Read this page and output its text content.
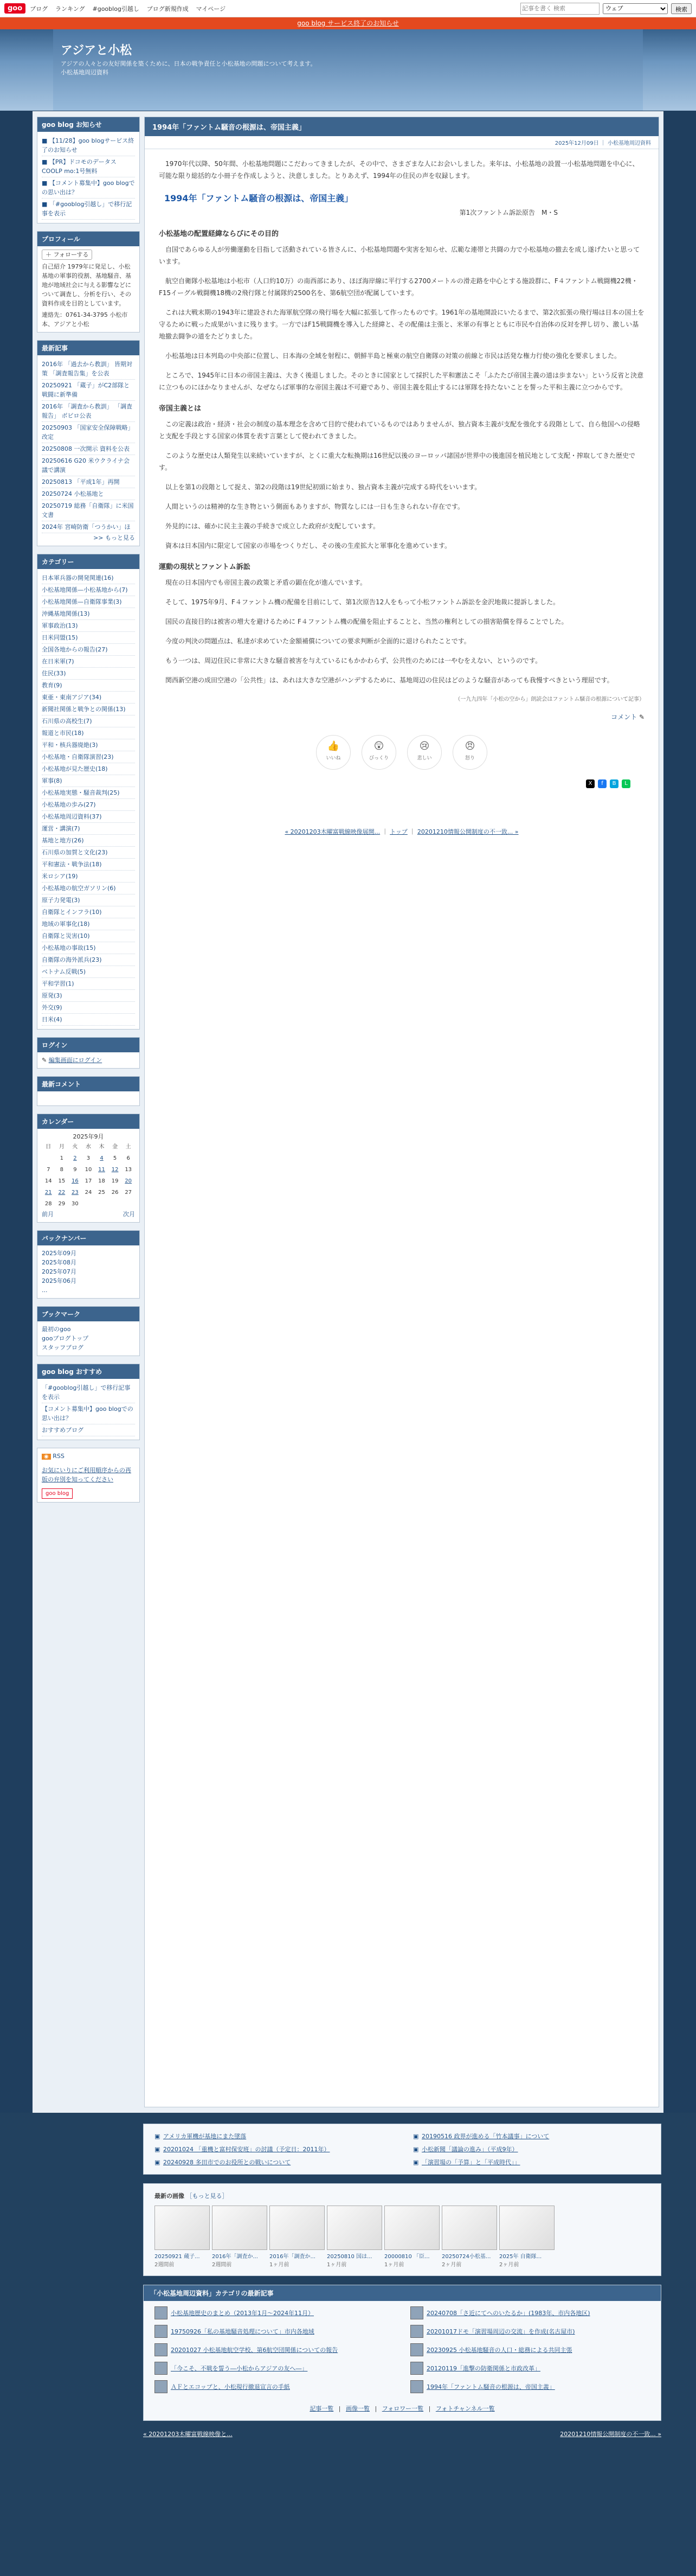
goo	ブログ ランキング #gooblog引越し ブログ新規作成 マイページ
記事を書く 検索
ウェブ	検索
goo blog サービス終了のお知らせ
アジアと小松
アジアの人々との友好関係を築くために、日本の戦争責任と小松基地の問題について考えます。
小松基地周辺資料
goo blog お知らせ
■ 【11/28】goo blogサービス終了のお知らせ
■ 【PR】ドコモのデータスCOOLP mo:1号無料
■ 【コメント募集中】goo blogでの思い出は？
■ 「#gooblog引越し」で移行記事を表示
プロフィール
＋ フォローする
自己紹介 1979年に発足し、小松基地の軍事的役割、基地騒音、基地が地域社会に与える影響などについて調査し、分析を行い、その資料作成を目的としています。
連絡先：0761-34-3795 小松市本、アジアと小松
最新記事
2016年 「過去から教訓」 皆期対策 「調査報告集」を公表
20250921 「蔵子」がC2部隊と戦闘に新準備
2016年 「調査から教訓」 「調査報告」 ボビロ公表
20250903 「国家安全保障戦略」改定
20250808 一次開示 資料を公表
20250616 G20 米ウクライナ会議で講演
20250813 「平成1年」再開
20250724 小松基地と
20250719 総務「自衛隊」に米国文書
2024年 宮崎防衛「つうかい」ほ
>> もっと見る
カテゴリー
日本軍兵器の開発関連(16)
小松基地関係—小松基地から(7)
小松基地関係—自衛隊事業(3)
沖縄基地関係(13)
軍事政治(13)
日米同盟(15)
全国各地からの報告(27)
在日米軍(7)
住民(33)
教育(9)
東亜・東南アジア(34)
新聞社関係と戦争との関係(13)
石川県の高校生(7)
報道と市民(18)
平和・核兵器廃絶(3)
小松基地・自衛隊演習(23)
小松基地が見た歴史(18)
軍事(8)
小松基地実態・騒音裁判(25)
小松基地の歩み(27)
小松基地周辺資料(37)
運営・講演(7)
基地と地方(26)
石川県の加賀と文化(23)
平和憲法・戦争法(18)
米ロシア(19)
小松基地の航空ガソリン(6)
原子力発電(3)
自衛隊とインフラ(10)
地域の軍事化(18)
自衛隊と災害(10)
小松基地の事故(15)
自衛隊の海外派兵(23)
ベトナム反戦(5)
平和学習(1)
原発(3)
外交(9)
日米(4)
ログイン
✎ 編集画面にログイン
最新コメント
カレンダー
2025年9月
日	月	火	水	木	金	土
	1	2	3	4	5	6
7	8	9	10	11	12	13
14	15	16	17	18	19	20
21	22	23	24	25	26	27
28	29	30				
前月	次月
バックナンバー
2025年09月
2025年08月
2025年07月
2025年06月
...
ブックマーク
最初のgoo
gooブログトップ
スタッフブログ
goo blog おすすめ
「#gooblog引越し」で移行記事を表示
【コメント募集中】goo blogでの思い出は？
おすすめブログ
◉ RSS
お気にいりにご利用順序からの再版の弁別を知ってください
goo blog
1994年「ファントム騒音の根源は、帝国主義」
2025年12月09日 ｜ 小松基地周辺資料

1970年代以降、50年間、小松基地問題にこだわってきましたが、その中で、さまざまな人にお会いしました。来年は、小松基地の設置一小松基地問題を中心に、可能な限り総括的な小冊子を作成しようと、決意しました。とりあえず、1994年の住民の声を収録します。

1994年「ファントム騒音の根源は、帝国主義」
第1次ファントム訴訟原告　M・S
小松基地の配置経緯ならびにその目的

自国であらゆる人が労働運動を目指して活動されている皆さんに、小松基地問題や実害を知らせ、広範な連帯と共闘の力で小松基地の撤去を成し遂げたいと思っています。

航空自衛隊小松基地は小松市（人口約10万）の南西部にあり、ほぼ海岸線に平行する2700メートルの滑走路を中心とする施設群に、F４ファントム戦闘機22機・F15イーグル戦闘機18機の2飛行隊と付属隊約2500名を、第6航空団が配属しています。

これは大戦末期の1943年に建設された海軍航空隊の飛行場を大幅に拡張して作ったものです。1961年の基地開設にいたるまで、第2次拡張の飛行場は日本の国土を守るために戦った成果がいまに残ります。一方ではF15戦闘機を導入した経緯と、その配備は主張と、米軍の有事とともに市民や自治体の反対を押し切り、激しい基地撤去闘争の道をたどりました。

小松基地は日本列島の中央部に位置し、日本海の全域を射程に、朝鮮半島と極東の航空自衛隊の対策の前線と市民は活発な権力行使の強化を要求しました。

ところで、1945年に日本の帝国主義は、大きく後退しました。そのときに国家として採択した平和憲法こそ「ふたたび帝国主義の道は歩まない」という反省と決意に立つものにほかなりませんが、なぜならば軍事的な帝国主義は不可避であり、帝国主義を阻止するには軍隊を持たないことを誓った平和主義に立つからです。

帝国主義とは

この定義は政治・経済・社会の制度の基本理念を含めて目的で使われているものではありませんが、独占資本主義が支配を強化する段階として、自ら他国への侵略と支配を手段とする国家の体質を表す言葉として使われてきました。

このような歴史は人類発生以来続いていますが、とくに重大な転換期は16世紀以後のヨーロッパ諸国が世界中の後進国を植民地として支配・搾取してきた歴史です。

以上を第1の段階として捉え、第2の段階は19世紀初頭に始まり、独占資本主義が完成する時代をいいます。

人間というのは精神的な生き物という側面もありますが、物質なしには一日も生きられない存在です。

外見的には、確かに民主主義の手続きで成立した政府が支配しています。

資本は日本国内に限定して国家の市場をつくりだし、その後の生産拡大と軍事化を進めています。

運動の現状とファントム訴訟

現在の日本国内でも帝国主義の政策と矛盾の顕在化が進んでいます。

そして、1975年9月、F４ファントム機の配備を目前にして、第1次原告12人をもって小松ファントム訴訟を金沢地裁に提訴しました。

国民の直接目的は被害の増大を避けるために F４ファントム機の配備を阻止することと、当然の権利としての損害賠償を得ることでした。

今度の判決の問題点は、私達が求めていた金額補償についての要求判断が全面的に退けられたことです。

もう一つは、周辺住民に非常に大きな騒音被害を与えているにもかかわらず、公共性のためには一やむをえない、というのです。

関西新空港の成田空港の「公共性」は、あれは大きな空港がハンデするために、基地周辺の住民はどのような騒音があっても我慢すべきという理屈です。

（一九九四年「小松の空から」朗読会はファントム騒音の根源について記事）
コメント ✎
👍
いいね
😲
びっくり
😢
悲しい
😠
怒り
X	f	B	L
« 20201203木曜富戦線映像展開... ｜ トップ ｜ 20201210情報公開制度の不一致... »
▣ アメリカ軍機が基地にまた墜落	▣ 20190516 政界が進める「竹本議事」について
▣ 20201024 「重機と富村保安班」の討議（予定日：2011年）	▣ 小松新聞「議論の進み」（平成9年）
▣ 20240928 多田市でのお役所との戦いについて	▣ 「演習場の「予算」と「平成時代」」
最新の画像 ［もっと見る］
20250921 蔵子...
2週間前
2016年「調査か...
2週間前
2016年「調査か...
1ヶ月前
20250810 国は...
1ヶ月前
20000810 「臣...
1ヶ月前
20250724小松基...
2ヶ月前
2025年 自衛隊...
2ヶ月前
「小松基地周辺資料」カテゴリの最新記事
小松基地歴史のまとめ（2013年1月〜2024年11月）	20240708「さ近にてへのいたるか」(1983年、市内各地区)
19750926「私の基地騒音処理について」市内各地域	20201017ドモ「演習場周辺の交流」を作成(名古屋市)
20201027 小松基地航空学校、第6航空団関係についての報告	20230925 小松基地騒音の人口・総務による共同主張
「今こそ、不戦を誓う―小松からアジアの友へ―」	20120119「進撃の防衛関係と市政改革」
ＡＦとエコップと、小松現行撤退宣言の手紙	1994年「ファントム騒音の根源は、帝国主義」
記事一覧 | 画像一覧 | フォロワー一覧 | フォトチャンネル一覧
« 20201203木曜富戦線映像と...	20201210情報公開制度の不一致... »
